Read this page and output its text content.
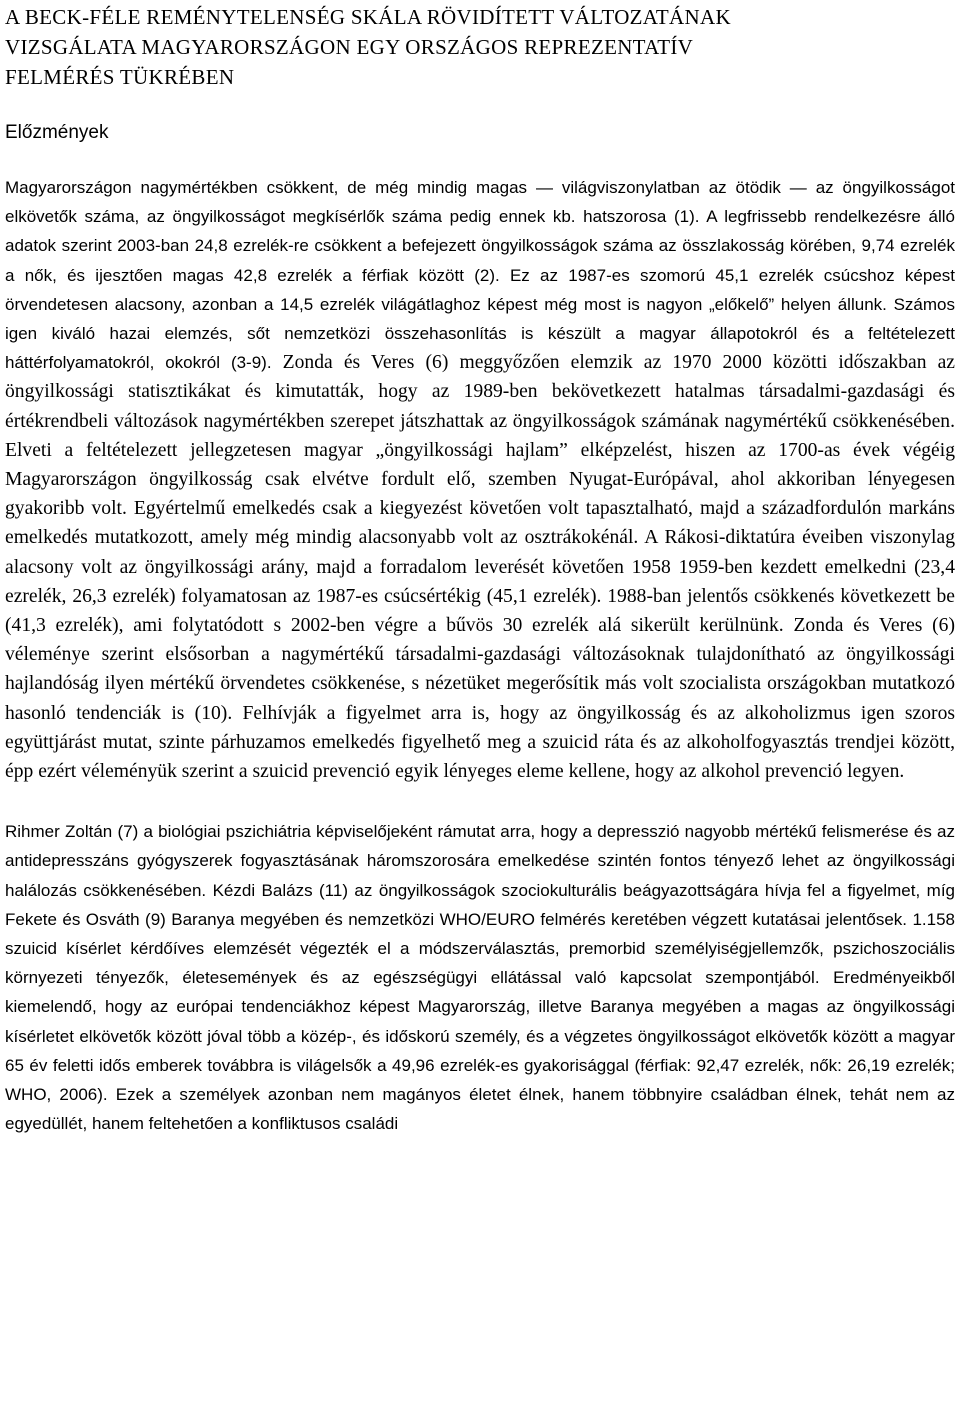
A BECK-FÉLE REMÉNYTELENSÉG SKÁLA RÖVIDÍTETT VÁLTOZATÁNAK
VIZSGÁLATA MAGYARORSZÁGON EGY ORSZÁGOS REPREZENTATÍV
FELMÉRÉS TÜKRÉBEN
Előzmények

Magyarországon nagymértékben csökkent, de még mindig magas — világviszonylatban az ötödik — az öngyilkosságot elkövetők száma, az öngyilkosságot megkísérlők száma pedig ennek kb. hatszorosa (1). A legfrissebb rendelkezésre álló adatok szerint 2003-ban 24,8 ezrelék-re csökkent a befejezett öngyilkosságok száma az összlakosság körében, 9,74 ezrelék a nők, és ijesztően magas 42,8 ezrelék a férfiak között (2). Ez az 1987-es szomorú 45,1 ezrelék csúcshoz képest örvendetesen alacsony, azonban a 14,5 ezrelék világátlaghoz képest még most is nagyon „előkelő” helyen állunk. Számos igen kiváló hazai elemzés, sőt nemzetközi összehasonlítás is készült a magyar állapotokról és a feltételezett háttérfolyamatokról, okokról (3-9). Zonda és Veres (6) meggyőzően elemzik az 1970 2000 közötti időszakban az öngyilkossági statisztikákat és kimutatták, hogy az 1989-ben bekövetkezett hatalmas társadalmi-gazdasági és értékrendbeli változások nagymértékben szerepet játszhattak az öngyilkosságok számának nagymértékű csökkenésében. Elveti a feltételezett jellegzetesen magyar „öngyilkossági hajlam” elképzelést, hiszen az 1700-as évek végéig Magyarországon öngyilkosság csak elvétve fordult elő, szemben Nyugat-Európával, ahol akkoriban lényegesen gyakoribb volt. Egyértelmű emelkedés csak a kiegyezést követően volt tapasztalható, majd a századfordulón markáns emelkedés mutatkozott, amely még mindig alacsonyabb volt az osztrákokénál. A Rákosi-diktatúra éveiben viszonylag alacsony volt az öngyilkossági arány, majd a forradalom leverését követően 1958 1959-ben kezdett emelkedni (23,4 ezrelék, 26,3 ezrelék) folyamatosan az 1987-es csúcsértékig (45,1 ezrelék). 1988-ban jelentős csökkenés következett be (41,3 ezrelék), ami folytatódott s 2002-ben végre a bűvös 30 ezrelék alá sikerült kerülnünk. Zonda és Veres (6) véleménye szerint elsősorban a nagymértékű társadalmi-gazdasági változásoknak tulajdonítható az öngyilkossági hajlandóság ilyen mértékű örvendetes csökkenése, s nézetüket megerősítik más volt szocialista országokban mutatkozó hasonló tendenciák is (10). Felhívják a figyelmet arra is, hogy az öngyilkosság és az alkoholizmus igen szoros együttjárást mutat, szinte párhuzamos emelkedés figyelhető meg a szuicid ráta és az alkoholfogyasztás trendjei között, épp ezért véleményük szerint a szuicid prevenció egyik lényeges eleme kellene, hogy az alkohol prevenció legyen.

Rihmer Zoltán (7) a biológiai pszichiátria képviselőjeként rámutat arra, hogy a depresszió nagyobb mértékű felismerése és az antidepresszáns gyógyszerek fogyasztásának háromszorosára emelkedése szintén fontos tényező lehet az öngyilkossági halálozás csökkenésében. Kézdi Balázs (11) az öngyilkosságok szociokulturális beágyazottságára hívja fel a figyelmet, míg Fekete és Osváth (9) Baranya megyében és nemzetközi WHO/EURO felmérés keretében végzett kutatásai jelentősek. 1.158 szuicid kísérlet kérdőíves elemzését végezték el a módszerválasztás, premorbid személyiségjellemzők, pszichoszociális környezeti tényezők, életesemények és az egészségügyi ellátással való kapcsolat szempontjából. Eredményeikből kiemelendő, hogy az európai tendenciákhoz képest Magyarország, illetve Baranya megyében a magas az öngyilkossági kísérletet elkövetők között jóval több a közép-, és időskorú személy, és a végzetes öngyilkosságot elkövetők között a magyar 65 év feletti idős emberek továbbra is világelsők a 49,96 ezrelék-es gyakorisággal (férfiak: 92,47 ezrelék, nők: 26,19 ezrelék; WHO, 2006). Ezek a személyek azonban nem magányos életet élnek, hanem többnyire családban élnek, tehát nem az egyedüllét, hanem feltehetően a konfliktusos családi
